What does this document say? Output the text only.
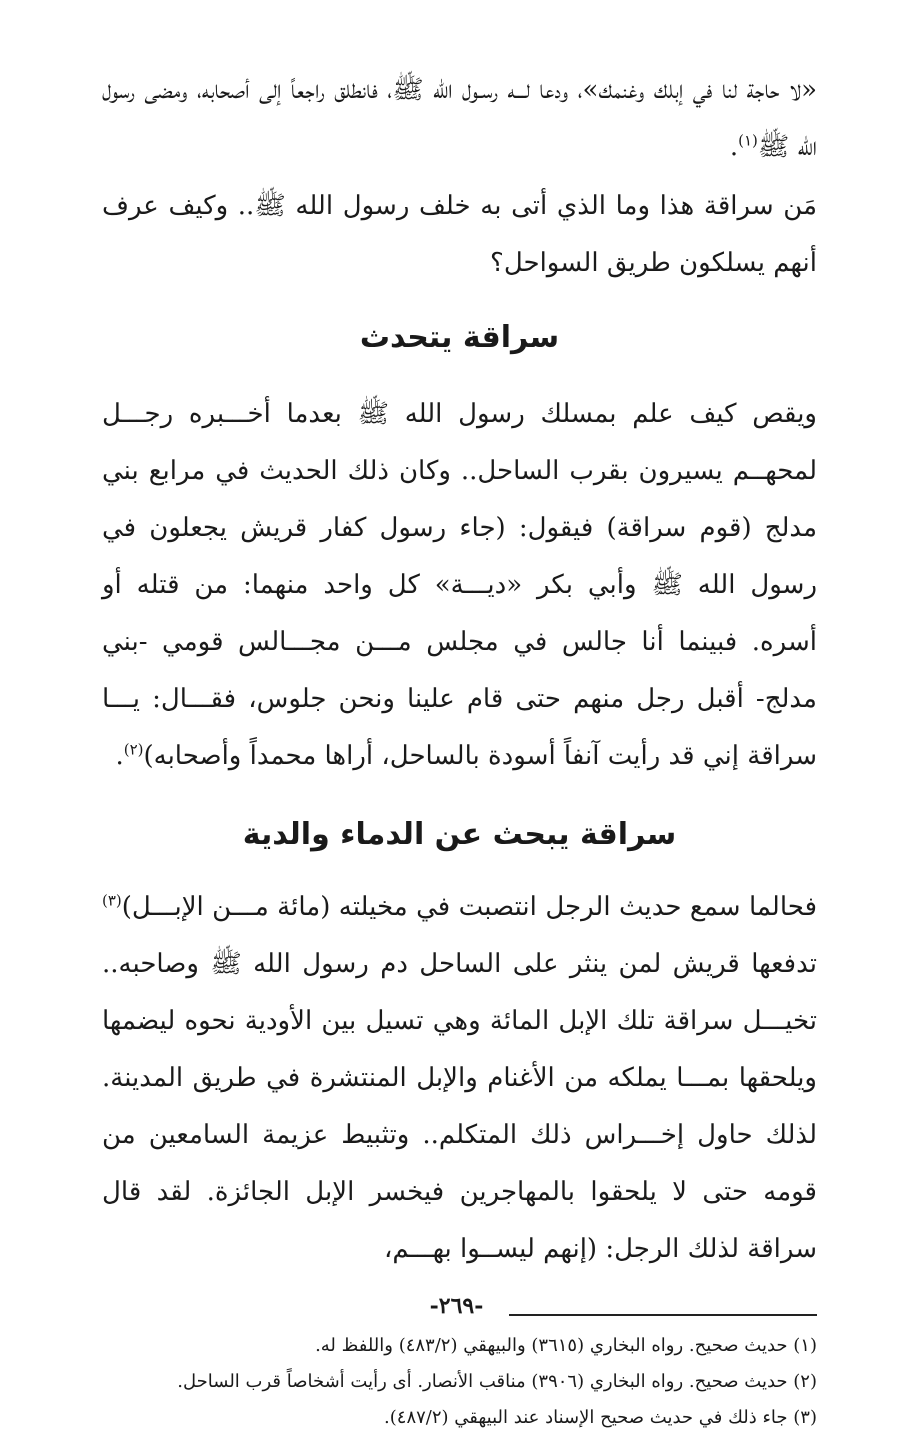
«لا حاجة لنا في إبلك وغنمك»، ودعا لـــه رسـول الله ﷺ، فانطلق راجعاً إلى أصحابه، ومضى رسول الله ﷺ$^{(١)}$.

مَن سراقة هذا وما الذي أتى به خلف رسول الله ﷺ.. وكيف عرف أنهم يسلكون طريق السواحل؟

سراقة يتحدث

ويقص كيف علم بمسلك رسول الله ﷺ بعدما أخـــبره رجـــل لمحهــم يسيرون بقرب الساحل.. وكان ذلك الحديث في مرابع بني مدلج (قوم سراقة) فيقول: (جاء رسول كفار قريش يجعلون في رسول الله ﷺ وأبي بكر «ديـــة» كل واحد منهما: من قتله أو أسره. فبينما أنا جالس في مجلس مـــن مجـــالس قومي -بني مدلج- أقبل رجل منهم حتى قام علينا ونحن جلوس، فقـــال: يـــا سراقة إني قد رأيت آنفاً أسودة بالساحل، أراها محمداً وأصحابه)$^{(٢)}$.

سراقة يبحث عن الدماء والدية

فحالما سمع حديث الرجل انتصبت في مخيلته (مائة مـــن الإبـــل)$^{(٣)}$ تدفعها قريش لمن ينثر على الساحل دم رسول الله ﷺ وصاحبه.. تخيـــل سراقة تلك الإبل المائة وهي تسيل بين الأودية نحوه ليضمها ويلحقها بمـــا يملكه من الأغنام والإبل المنتشرة في طريق المدينة. لذلك حاول إخـــراس ذلك المتكلم.. وتثبيط عزيمة السامعين من قومه حتى لا يلحقوا بالمهاجرين فيخسر الإبل الجائزة. لقد قال سراقة لذلك الرجل: (إنهم ليســوا بهـــم،

(١) حديث صحيح. رواه البخاري (٣٦١٥) والبيهقي (٤٨٣/٢) واللفظ له.

(٢) حديث صحيح. رواه البخاري (٣٩٠٦) مناقب الأنصار. أى رأيت أشخاصاً قرب الساحل.

(٣) جاء ذلك في حديث صحيح الإسناد عند البيهقي (٤٨٧/٢).

-٢٦٩-
